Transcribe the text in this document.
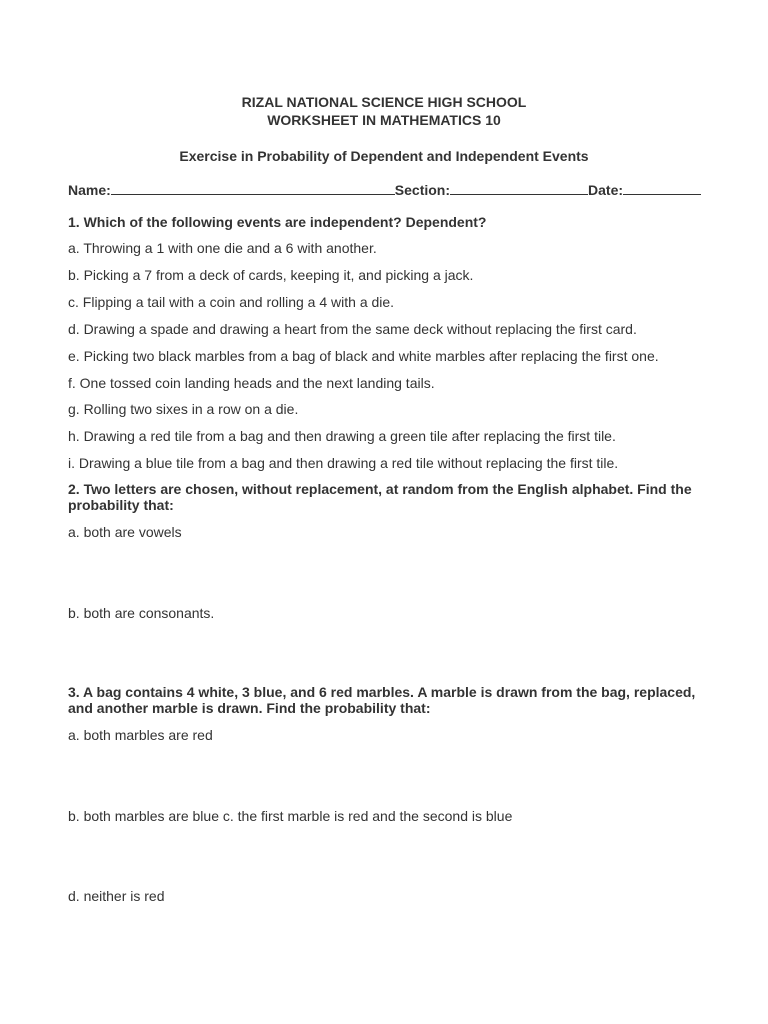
RIZAL NATIONAL SCIENCE HIGH SCHOOL
WORKSHEET IN MATHEMATICS 10
Exercise in Probability of Dependent and Independent Events
Name:	Section:	Date:
1. Which of the following events are independent? Dependent?
a. Throwing a 1 with one die and a 6 with another.
b. Picking a 7 from a deck of cards, keeping it, and picking a jack.
c. Flipping a tail with a coin and rolling a 4 with a die.
d. Drawing a spade and drawing a heart from the same deck without replacing the first card.
e. Picking two black marbles from a bag of black and white marbles after replacing the first one.
f. One tossed coin landing heads and the next landing tails.
g. Rolling two sixes in a row on a die.
h. Drawing a red tile from a bag and then drawing a green tile after replacing the first tile.
i. Drawing a blue tile from a bag and then drawing a red tile without replacing the first tile.
2. Two letters are chosen, without replacement, at random from the English alphabet. Find the
probability that:
a. both are vowels
b. both are consonants.
3. A bag contains 4 white, 3 blue, and 6 red marbles. A marble is drawn from the bag, replaced,
and another marble is drawn. Find the probability that:
a. both marbles are red
b. both marbles are blue c. the first marble is red and the second is blue
d. neither is red
